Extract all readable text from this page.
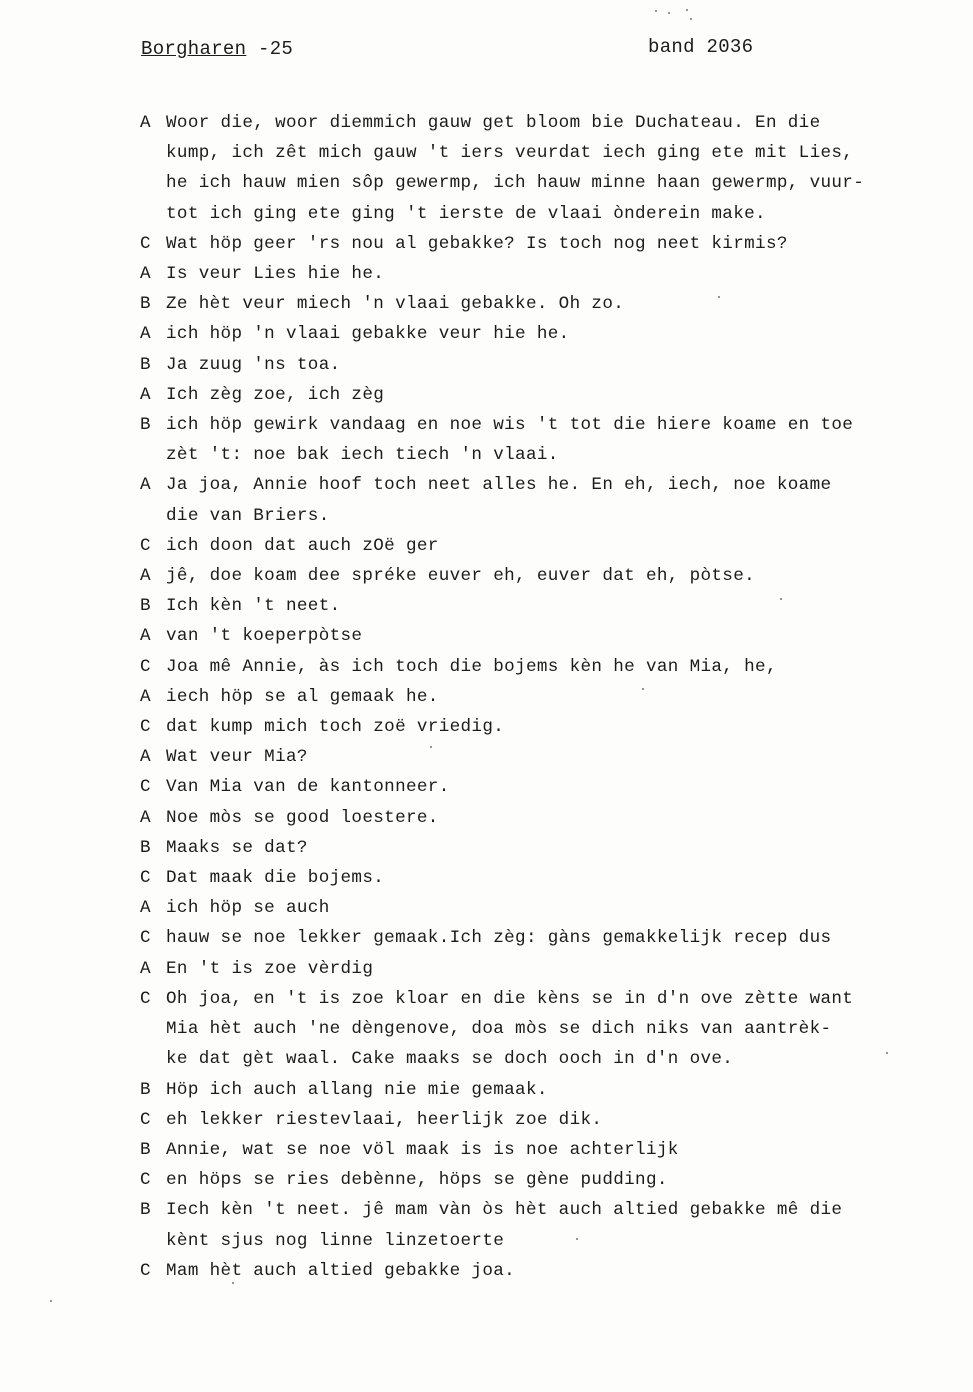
Borgharen -25	band 2036
A Woor die, woor diemmich gauw get bloom bie Duchateau. En die
kump, ich zêt mich gauw 't iers veurdat iech ging ete mit Lies,
he ich hauw mien sôp gewermp, ich hauw minne haan gewermp, vuur-
tot ich ging ete ging 't ierste de vlaai ònderein make.
C Wat höp geer 'rs nou al gebakke? Is toch nog neet kirmis?
A Is veur Lies hie he.
B Ze hèt veur miech 'n vlaai gebakke. Oh zo.
A ich höp 'n vlaai gebakke veur hie he.
B Ja zuug 'ns toa.
A Ich zèg zoe, ich zèg
B ich höp gewirk vandaag en noe wis 't tot die hiere koame en toe
zèt 't: noe bak iech tiech 'n vlaai.
A Ja joa, Annie hoof toch neet alles he. En eh, iech, noe koame
die van Briers.
C ich doon dat auch zOë ger
A jê, doe koam dee spréke euver eh, euver dat eh, pòtse.
B Ich kèn 't neet.
A van 't koeperpòtse
C Joa mê Annie, às ich toch die bojems kèn he van Mia, he,
A iech höp se al gemaak he.
C dat kump mich toch zoë vriedig.
A Wat veur Mia?
C Van Mia van de kantonneer.
A Noe mòs se good loestere.
B Maaks se dat?
C Dat maak die bojems.
A ich höp se auch
C hauw se noe lekker gemaak.Ich zèg: gàns gemakkelijk recep dus
A En 't is zoe vèrdig
C Oh joa, en 't is zoe kloar en die kèns se in d'n ove zètte want
Mia hèt auch 'ne dèngenove, doa mòs se dich niks van aantrèk-
ke dat gèt waal. Cake maaks se doch ooch in d'n ove.
B Höp ich auch allang nie mie gemaak.
C eh lekker riestevlaai, heerlijk zoe dik.
B Annie, wat se noe völ maak is is noe achterlijk
C en höps se ries debènne, höps se gène pudding.
B Iech kèn 't neet. jê mam vàn òs hèt auch altied gebakke mê die
kènt sjus nog linne linzetoerte
C Mam hèt auch altied gebakke joa.
